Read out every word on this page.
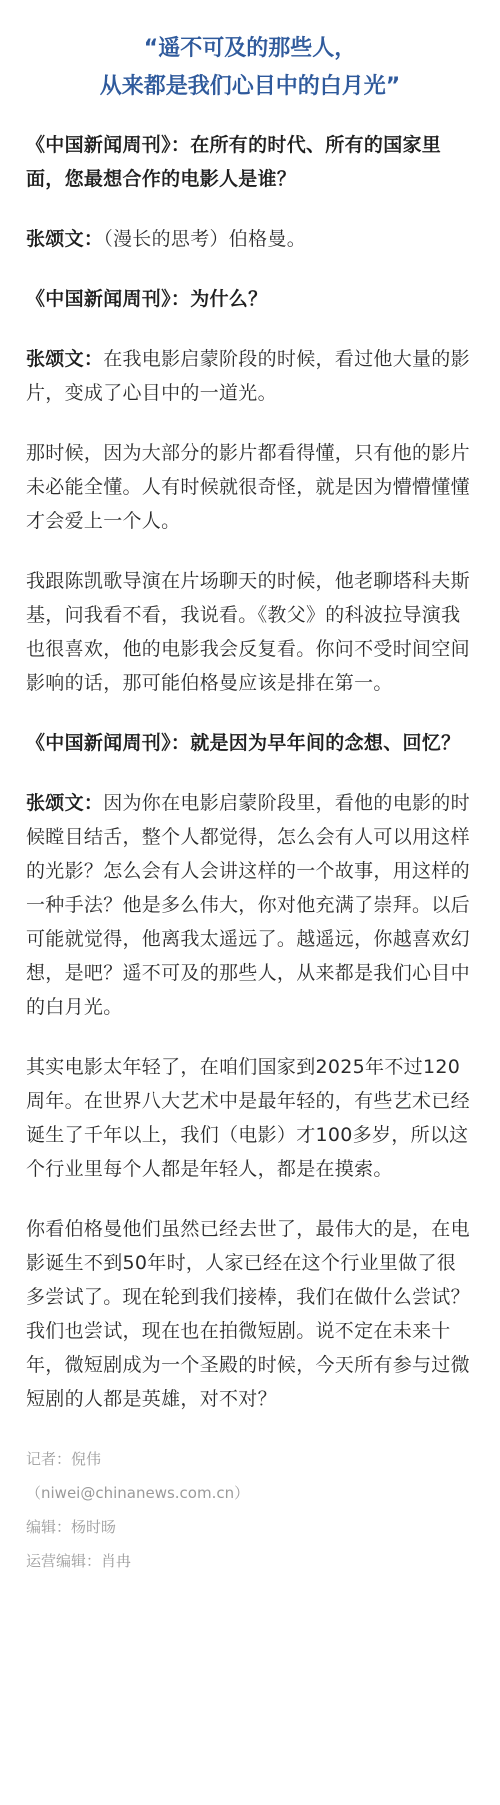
“遥不可及的那些人，
从来都是我们心目中的白月光”

《中国新闻周刊》：在所有的时代、所有的国家里面，您最想合作的电影人是谁？

张颂文：（漫长的思考）伯格曼。

《中国新闻周刊》：为什么？

张颂文：在我电影启蒙阶段的时候，看过他大量的影片，变成了心目中的一道光。

那时候，因为大部分的影片都看得懂，只有他的影片未必能全懂。人有时候就很奇怪，就是因为懵懵懂懂才会爱上一个人。

我跟陈凯歌导演在片场聊天的时候，他老聊塔科夫斯基，问我看不看，我说看。《教父》的科波拉导演我也很喜欢，他的电影我会反复看。你问不受时间空间影响的话，那可能伯格曼应该是排在第一。

《中国新闻周刊》：就是因为早年间的念想、回忆？

张颂文：因为你在电影启蒙阶段里，看他的电影的时候瞠目结舌，整个人都觉得，怎么会有人可以用这样的光影？怎么会有人会讲这样的一个故事，用这样的一种手法？他是多么伟大，你对他充满了崇拜。以后可能就觉得，他离我太遥远了。越遥远，你越喜欢幻想，是吧？遥不可及的那些人，从来都是我们心目中的白月光。

其实电影太年轻了，在咱们国家到2025年不过120周年。在世界八大艺术中是最年轻的，有些艺术已经诞生了千年以上，我们（电影）才100多岁，所以这个行业里每个人都是年轻人，都是在摸索。

你看伯格曼他们虽然已经去世了，最伟大的是，在电影诞生不到50年时，人家已经在这个行业里做了很多尝试了。现在轮到我们接棒，我们在做什么尝试？我们也尝试，现在也在拍微短剧。说不定在未来十年，微短剧成为一个圣殿的时候，今天所有参与过微短剧的人都是英雄，对不对？

记者：倪伟
（niwei@chinanews.com.cn）
编辑：杨时旸
运营编辑：肖冉
